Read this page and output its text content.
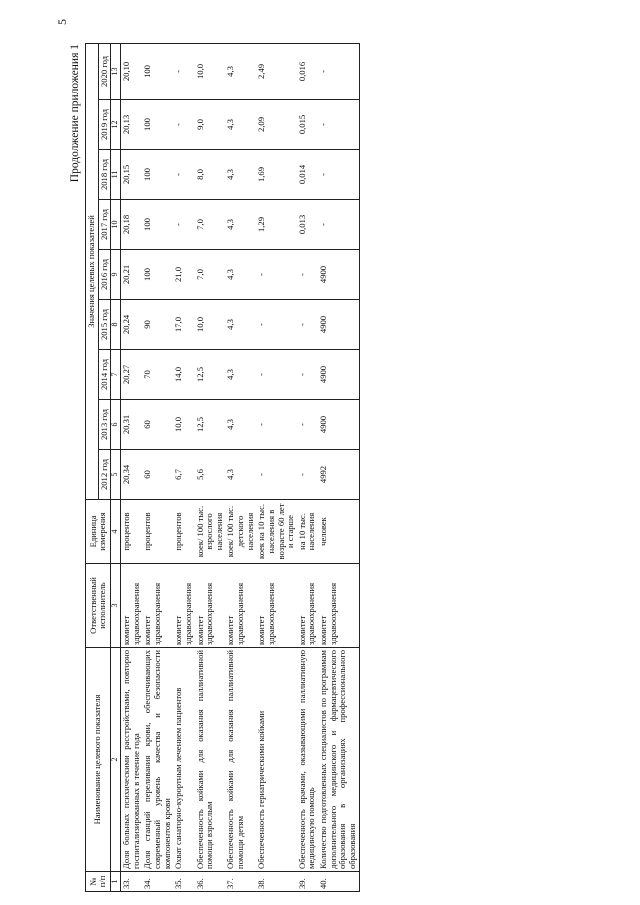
5
Продолжение приложения 1
№ п/п	Наименование целевого показателя	Ответственный исполнитель	Единица измерения	Значения целевых показателей								
				2012 год	2013 год	2014 год	2015 год	2016 год	2017 год	2018 год	2019 год	2020 год
1	2	3	4	5	6	7	8	9	10	11	12	13
33.	Доля больных психическими расстройствами, повторно госпитализированных в течение года	комитет здравоохранения	процентов	20,34	20,31	20,27	20,24	20,21	20,18	20,15	20,13	20,10
34.	Доля станций переливания крови, обеспечивающих современный уровень качества и безопасности компонентов крови	комитет здравоохранения	процентов	60	60	70	90	100	100	100	100	100
35.	Охват санаторно-курортным лечением пациентов	комитет здравоохранения	процентов	6,7	10,0	14,0	17,0	21,0	-	-	-	-
36.	Обеспеченность койками для оказания паллиативной помощи взрослым	комитет здравоохранения	коек/ 100 тыс. взрослого населения	5,6	12,5	12,5	10,0	7,0	7,0	8,0	9,0	10,0
37.	Обеспеченность койками для оказания паллиативной помощи детям	комитет здравоохранения	коек/ 100 тыс. детского населения	4,3	4,3	4,3	4,3	4,3	4,3	4,3	4,3	4,3
38.	Обеспеченность гериатрическими койками	комитет здравоохранения	коек на 10 тыс. населения в возрасте 60 лет и старше	-	-	-	-	-	1,29	1,69	2,09	2,49
39.	Обеспеченность врачами, оказывающими паллиативную медицинскую помощь	комитет здравоохранения	на 10 тыс. населения	-	-	-	-	-	0,013	0,014	0,015	0,016
40.	Количество подготовленных специалистов по программам дополнительного медицинского и фармацевтического образования в организациях профессионального образования	комитет здравоохранения	человек	4992	4900	4900	4900	4900	-	-	-	-
